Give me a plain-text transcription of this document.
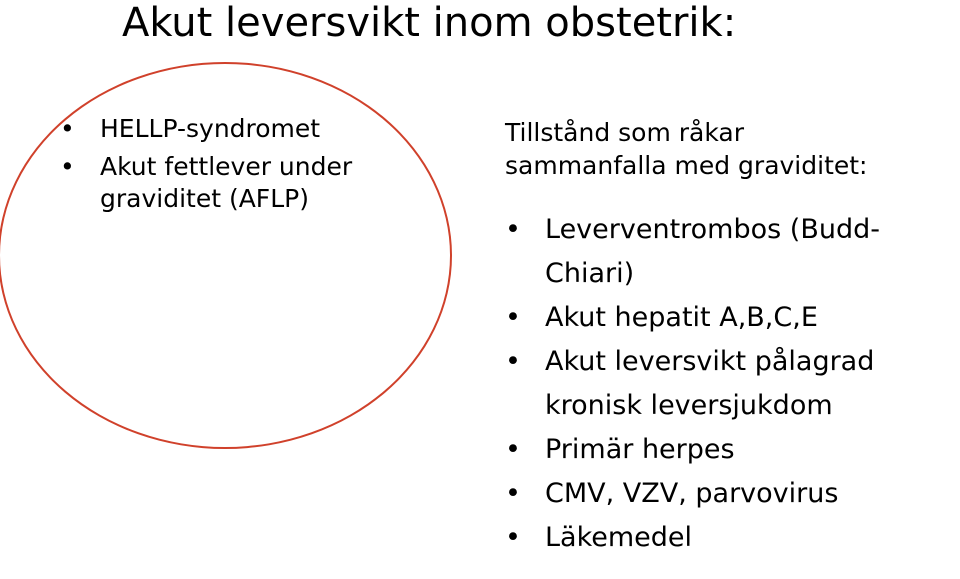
Akut leversvikt inom obstetrik:
• HELLP-syndromet
• Akut fettlever under
graviditet (AFLP)
Tillstånd som råkar
sammanfalla med graviditet:
• Leverventrombos (Budd-
Chiari)
• Akut hepatit A,B,C,E
• Akut leversvikt pålagrad
kronisk leversjukdom
• Primär herpes
• CMV, VZV, parvovirus
• Läkemedel
